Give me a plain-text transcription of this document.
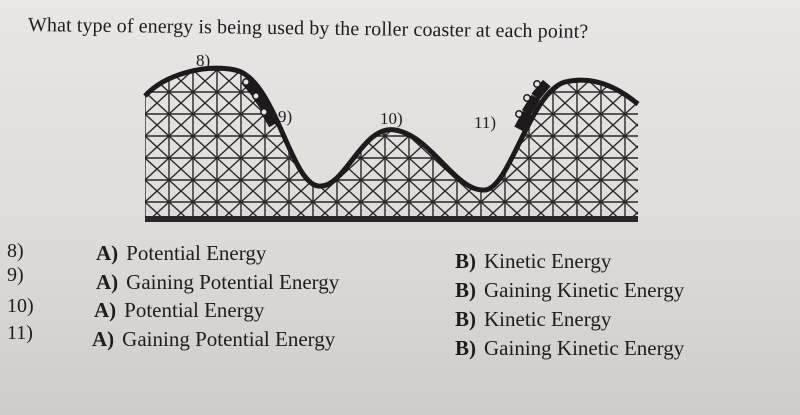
What type of energy is being used by the roller coaster at each point?
8)
9)	10)	11)
8)
9)
10)
11)
A) Potential Energy
A) Gaining Potential Energy
A) Potential Energy
A) Gaining Potential Energy
B) Kinetic Energy
B) Gaining Kinetic Energy
B) Kinetic Energy
B) Gaining Kinetic Energy
